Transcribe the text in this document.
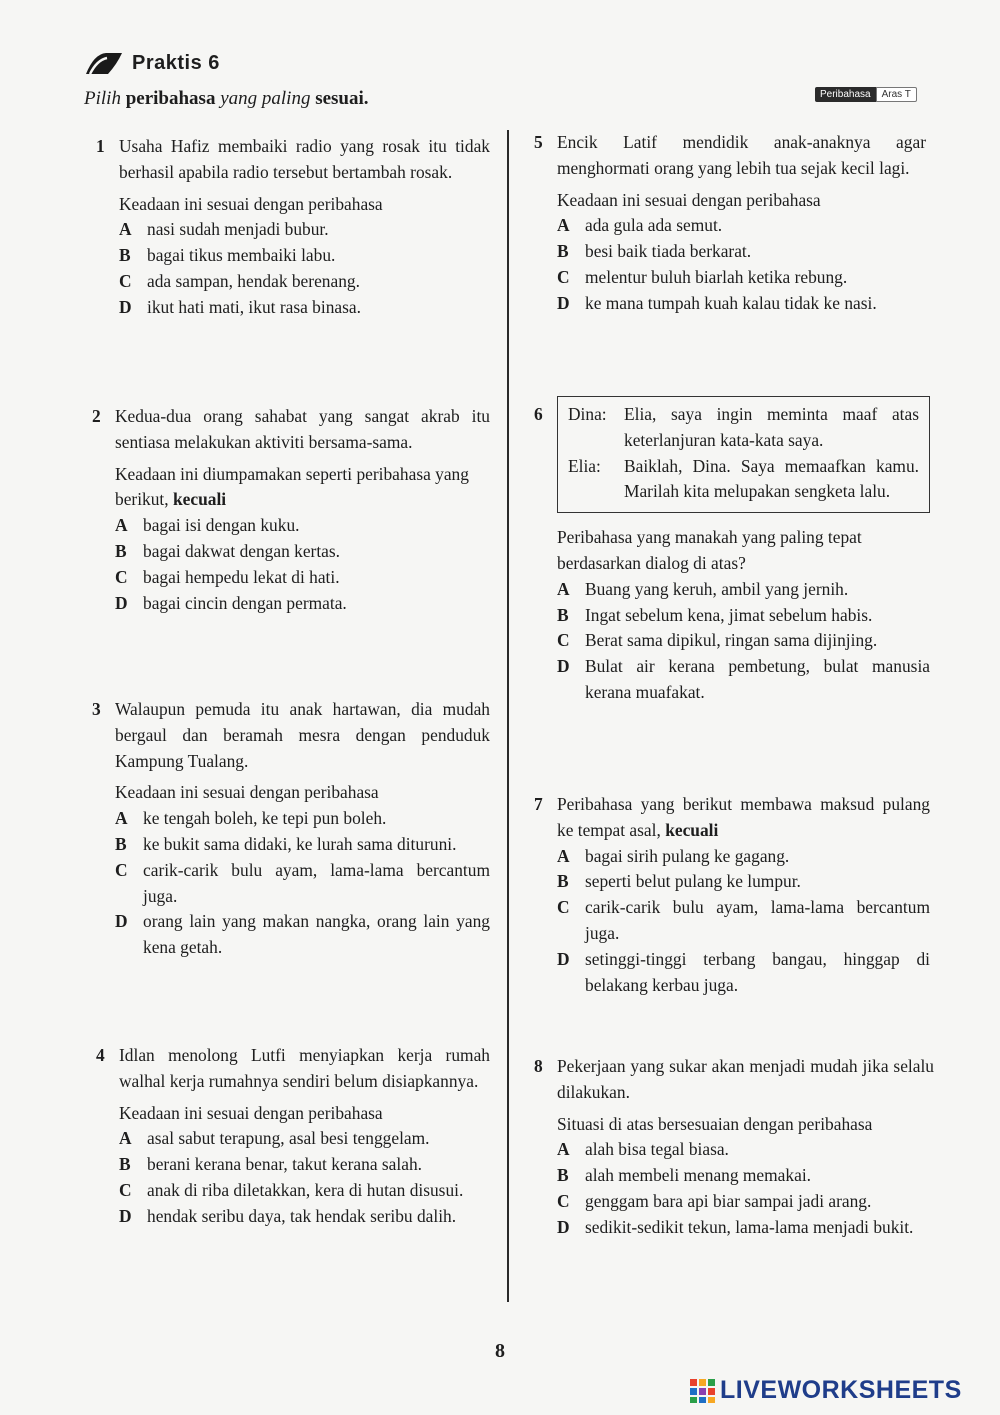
Praktis 6
Pilih peribahasa yang paling sesuai.	Peribahasa	Aras T
1 Usaha Hafiz membaiki radio yang rosak itu tidak berhasil apabila radio tersebut bertambah rosak.
Keadaan ini sesuai dengan peribahasa
A nasi sudah menjadi bubur.
B bagai tikus membaiki labu.
C ada sampan, hendak berenang.
D ikut hati mati, ikut rasa binasa.
2 Kedua-dua orang sahabat yang sangat akrab itu sentiasa melakukan aktiviti bersama-sama.
Keadaan ini diumpamakan seperti peribahasa yang berikut, kecuali
A bagai isi dengan kuku.
B bagai dakwat dengan kertas.
C bagai hempedu lekat di hati.
D bagai cincin dengan permata.
3 Walaupun pemuda itu anak hartawan, dia mudah bergaul dan beramah mesra dengan penduduk Kampung Tualang.
Keadaan ini sesuai dengan peribahasa
A ke tengah boleh, ke tepi pun boleh.
B ke bukit sama didaki, ke lurah sama dituruni.
C carik-carik bulu ayam, lama-lama bercantum juga.
D orang lain yang makan nangka, orang lain yang kena getah.
4 Idlan menolong Lutfi menyiapkan kerja rumah walhal kerja rumahnya sendiri belum disiapkannya.
Keadaan ini sesuai dengan peribahasa
A asal sabut terapung, asal besi tenggelam.
B berani kerana benar, takut kerana salah.
C anak di riba diletakkan, kera di hutan disusui.
D hendak seribu daya, tak hendak seribu dalih.
5 Encik Latif mendidik anak-anaknya agar menghormati orang yang lebih tua sejak kecil lagi.
Keadaan ini sesuai dengan peribahasa
A ada gula ada semut.
B besi baik tiada berkarat.
C melentur buluh biarlah ketika rebung.
D ke mana tumpah kuah kalau tidak ke nasi.
6	Dina: Elia, saya ingin meminta maaf atas keterlanjuran kata-kata saya.
Elia:	Baiklah, Dina. Saya memaafkan kamu. Marilah kita melupakan sengketa lalu.
Peribahasa yang manakah yang paling tepat berdasarkan dialog di atas?
A Buang yang keruh, ambil yang jernih.
B Ingat sebelum kena, jimat sebelum habis.
C Berat sama dipikul, ringan sama dijinjing.
D Bulat air kerana pembetung, bulat manusia kerana muafakat.
7 Peribahasa yang berikut membawa maksud pulang ke tempat asal, kecuali
A bagai sirih pulang ke gagang.
B seperti belut pulang ke lumpur.
C carik-carik bulu ayam, lama-lama bercantum juga.
D setinggi-tinggi terbang bangau, hinggap di belakang kerbau juga.
8 Pekerjaan yang sukar akan menjadi mudah jika selalu dilakukan.
Situasi di atas bersesuaian dengan peribahasa
A alah bisa tegal biasa.
B alah membeli menang memakai.
C genggam bara api biar sampai jadi arang.
D sedikit-sedikit tekun, lama-lama menjadi bukit.
8
LIVEWORKSHEETS
